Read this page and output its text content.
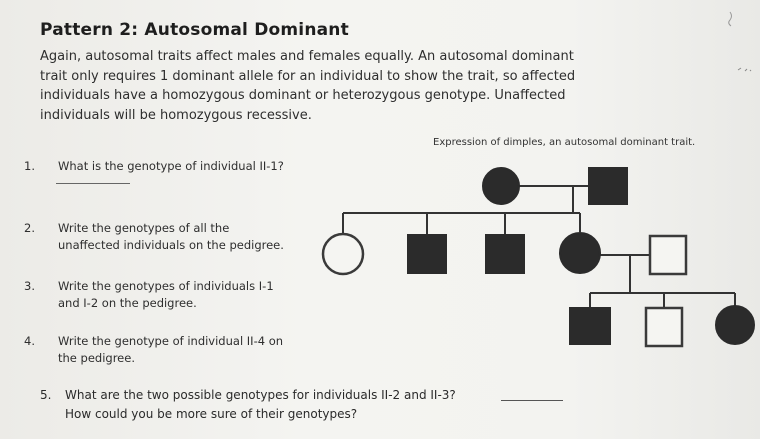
Pattern 2: Autosomal Dominant
Again, autosomal traits affect males and females equally. An autosomal dominant
trait only requires 1 dominant allele for an individual to show the trait, so affected
individuals have a homozygous dominant or heterozygous genotype. Unaffected
individuals will be homozygous recessive.
Expression of dimples, an autosomal dominant trait.
1. What is the genotype of individual II-1?
2. Write the genotypes of all the
unaffected individuals on the pedigree.
3. Write the genotypes of individuals I-1
and I-2 on the pedigree.
4. Write the genotype of individual II-4 on
the pedigree.
5. What are the two possible genotypes for individuals II-2 and II-3?
How could you be more sure of their genotypes?
